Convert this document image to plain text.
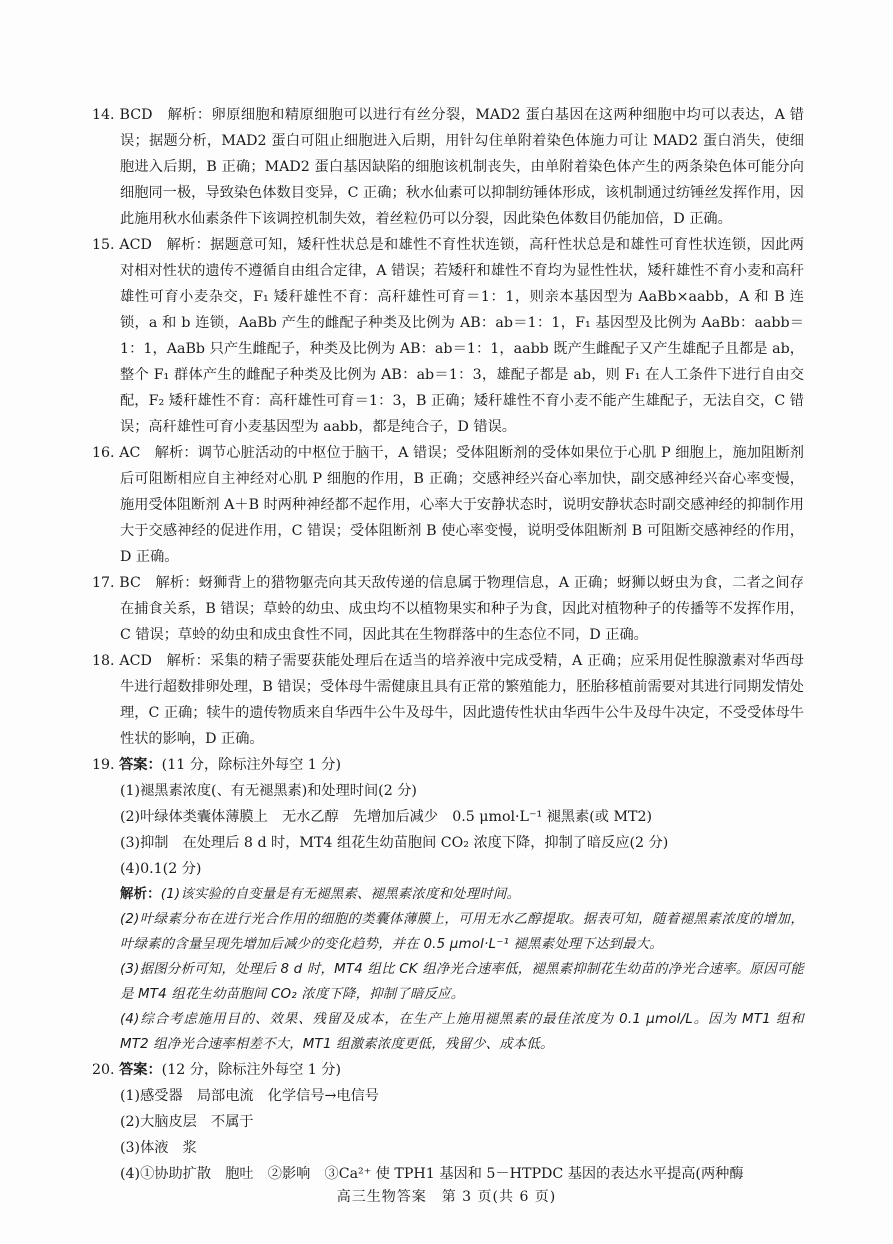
14. BCD　解析：卵原细胞和精原细胞可以进行有丝分裂，MAD2 蛋白基因在这两种细胞中均可以表达，A 错误；据题分析，MAD2 蛋白可阻止细胞进入后期，用针勾住单附着染色体施力可让 MAD2 蛋白消失，使细胞进入后期，B 正确；MAD2 蛋白基因缺陷的细胞该机制丧失，由单附着染色体产生的两条染色体可能分向细胞同一极，导致染色体数目变异，C 正确；秋水仙素可以抑制纺锤体形成，该机制通过纺锤丝发挥作用，因此施用秋水仙素条件下该调控机制失效，着丝粒仍可以分裂，因此染色体数目仍能加倍，D 正确。

15. ACD　解析：据题意可知，矮秆性状总是和雄性不育性状连锁，高秆性状总是和雄性可育性状连锁，因此两对相对性状的遗传不遵循自由组合定律，A 错误；若矮秆和雄性不育均为显性性状，矮秆雄性不育小麦和高秆雄性可育小麦杂交，F₁ 矮秆雄性不育：高秆雄性可育＝1：1，则亲本基因型为 AaBb×aabb，A 和 B 连锁，a 和 b 连锁，AaBb 产生的雌配子种类及比例为 AB：ab＝1：1，F₁ 基因型及比例为 AaBb：aabb＝1：1，AaBb 只产生雌配子，种类及比例为 AB：ab＝1：1，aabb 既产生雌配子又产生雄配子且都是 ab，整个 F₁ 群体产生的雌配子种类及比例为 AB：ab＝1：3，雄配子都是 ab，则 F₁ 在人工条件下进行自由交配，F₂ 矮秆雄性不育：高秆雄性可育＝1：3，B 正确；矮秆雄性不育小麦不能产生雄配子，无法自交，C 错误；高秆雄性可育小麦基因型为 aabb，都是纯合子，D 错误。

16. AC　解析：调节心脏活动的中枢位于脑干，A 错误；受体阻断剂的受体如果位于心肌 P 细胞上，施加阻断剂后可阻断相应自主神经对心肌 P 细胞的作用，B 正确；交感神经兴奋心率加快，副交感神经兴奋心率变慢，施用受体阻断剂 A＋B 时两种神经都不起作用，心率大于安静状态时，说明安静状态时副交感神经的抑制作用大于交感神经的促进作用，C 错误；受体阻断剂 B 使心率变慢，说明受体阻断剂 B 可阻断交感神经的作用，D 正确。

17. BC　解析：蚜狮背上的猎物躯壳向其天敌传递的信息属于物理信息，A 正确；蚜狮以蚜虫为食，二者之间存在捕食关系，B 错误；草蛉的幼虫、成虫均不以植物果实和种子为食，因此对植物种子的传播等不发挥作用，C 错误；草蛉的幼虫和成虫食性不同，因此其在生物群落中的生态位不同，D 正确。

18. ACD　解析：采集的精子需要获能处理后在适当的培养液中完成受精，A 正确；应采用促性腺激素对华西母牛进行超数排卵处理，B 错误；受体母牛需健康且具有正常的繁殖能力，胚胎移植前需要对其进行同期发情处理，C 正确；犊牛的遗传物质来自华西牛公牛及母牛，因此遗传性状由华西牛公牛及母牛决定，不受受体母牛性状的影响，D 正确。

19. 答案：(11 分，除标注外每空 1 分)

(1)褪黑素浓度(、有无褪黑素)和处理时间(2 分)

(2)叶绿体类囊体薄膜上　无水乙醇　先增加后减少　0.5 μmol·L⁻¹ 褪黑素(或 MT2)

(3)抑制　在处理后 8 d 时，MT4 组花生幼苗胞间 CO₂ 浓度下降，抑制了暗反应(2 分)

(4)0.1(2 分)

解析：(1)该实验的自变量是有无褪黑素、褪黑素浓度和处理时间。

(2)叶绿素分布在进行光合作用的细胞的类囊体薄膜上，可用无水乙醇提取。据表可知，随着褪黑素浓度的增加，叶绿素的含量呈现先增加后减少的变化趋势，并在 0.5 μmol·L⁻¹ 褪黑素处理下达到最大。

(3)据图分析可知，处理后 8 d 时，MT4 组比 CK 组净光合速率低，褪黑素抑制花生幼苗的净光合速率。原因可能是 MT4 组花生幼苗胞间 CO₂ 浓度下降，抑制了暗反应。

(4)综合考虑施用目的、效果、残留及成本，在生产上施用褪黑素的最佳浓度为 0.1 μmol/L。因为 MT1 组和 MT2 组净光合速率相差不大，MT1 组激素浓度更低，残留少、成本低。

20. 答案：(12 分，除标注外每空 1 分)

(1)感受器　局部电流　化学信号→电信号

(2)大脑皮层　不属于

(3)体液　浆

(4)①协助扩散　胞吐　②影响　③Ca²⁺ 使 TPH1 基因和 5－HTPDC 基因的表达水平提高(两种酶

高三生物答案　第 3 页(共 6 页)
